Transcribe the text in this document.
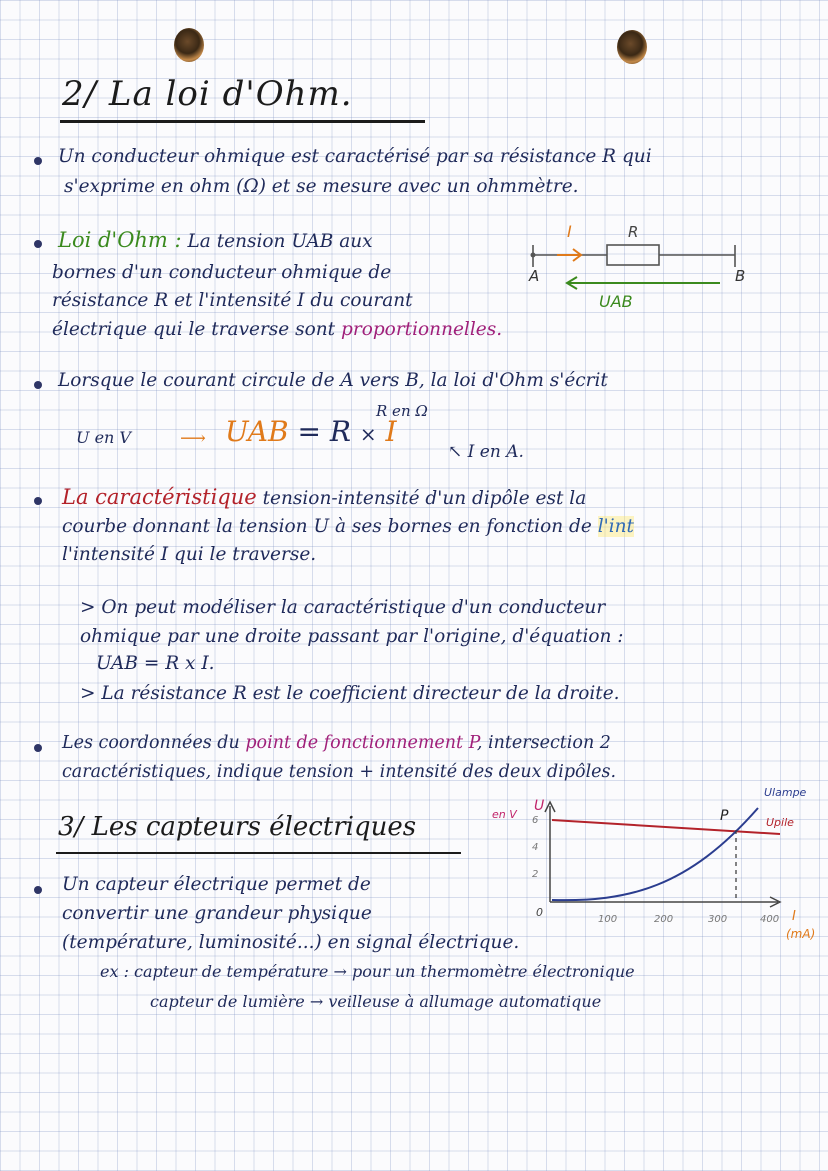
2/ La loi d'Ohm.
Un conducteur ohmique est caractérisé par sa résistance R qui
s'exprime en ohm (Ω) et se mesure avec un ohmmètre.
Loi d'Ohm : La tension UAB aux
bornes d'un conducteur ohmique de
résistance R et l'intensité I du courant
électrique qui le traverse sont proportionnelles.
I	R
A	B
UAB
Lorsque le courant circule de A vers B, la loi d'Ohm s'écrit
U en V	⟶
R en Ω
UAB = R × I
↖ I en A.
La caractéristique tension-intensité d'un dipôle est la
courbe donnant la tension U à ses bornes en fonction de l'int
l'intensité I qui le traverse.
> On peut modéliser la caractéristique d'un conducteur
ohmique par une droite passant par l'origine, d'équation :
UAB = R x I.
> La résistance R est le coefficient directeur de la droite.
Les coordonnées du point de fonctionnement P, intersection 2
caractéristiques, indique tension + intensité des deux dipôles.
3/ Les capteurs électriques	en V
U
6
4
2
0
100	200	300	400 I
(mA)
P
Ulampe
Upile
Un capteur électrique permet de
convertir une grandeur physique
(température, luminosité...) en signal électrique.
ex : capteur de température → pour un thermomètre électronique
capteur de lumière → veilleuse à allumage automatique
